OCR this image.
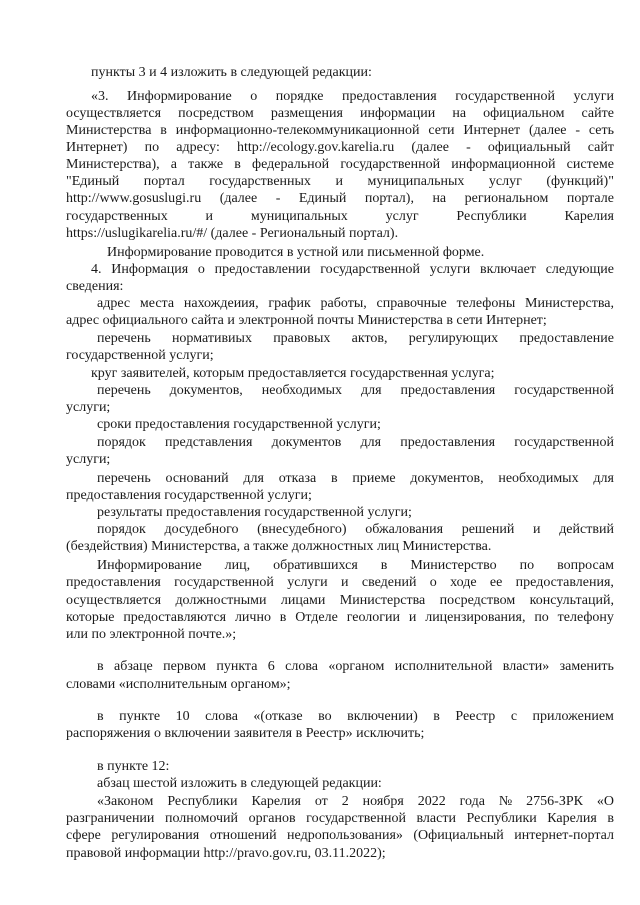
пункты 3 и 4 изложить в следующей редакции:
«3. Информирование о порядке предоставления государственной услуги
осуществляется посредством размещения информации на официальном сайте
Министерства в информационно-телекоммуникационной сети Интернет (далее - сеть
Интернет) по адресу: http://ecology.gov.karelia.ru (далее - официальный сайт
Министерства), а также в федеральной государственной информационной системе
"Единый портал государственных и муниципальных услуг (функций)"
http://www.gosuslugi.ru (далее - Единый портал), на региональном портале
государственных	и	муниципальных	услуг	Республики	Карелия
https://uslugikarelia.ru/#/ (далее - Региональный портал).
Информирование проводится в устной или письменной форме.
4. Информация о предоставлении государственной услуги включает следующие
сведения:
адрес места нахождеиия, график работы, справочные телефоны Министерства,
адрес официального сайта и электронной почты Министерства в сети Интернет;
перечень нормативиых правовых актов, регулирующих предоставление
государственной услуги;
круг заявителей, которым предоставляется государственная услуга;
перечень документов, необходимых для предоставления государственной
услуги;
сроки предоставления государственной услуги;
порядок представления документов для предоставления государственной
услуги;
перечень оснований для отказа в приеме документов, необходимых для
предоставления государственной услуги;
результаты предоставления государственной услуги;
порядок досудебного (внесудебного) обжалования решений и действий
(бездействия) Министерства, а также должностных лиц Министерства.
Информирование лиц, обратившихся в Министерство по вопросам
предоставления государственной услуги и сведений о ходе ее предоставления,
осуществляется должностными лицами Министерства посредством консультаций,
которые предоставляются лично в Отделе геологии и лицензирования, по телефону
или по электронной почте.»;
в абзаце первом пункта 6 слова «органом исполнительной власти» заменить
словами «исполнительным органом»;
в пункте 10 слова «(отказе во включении) в Реестр с приложением
распоряжения о включении заявителя в Реестр» исключить;
в пункте 12:
абзац шестой изложить в следующей редакции:
«Законом Республики Карелия от 2 ноября 2022 года № 2756-ЗРК «О
разграничении полномочий органов государственной власти Республики Карелия в
сфере регулирования отношений недропользования» (Официальный интернет-портал
правовой информации http://pravo.gov.ru, 03.11.2022);
